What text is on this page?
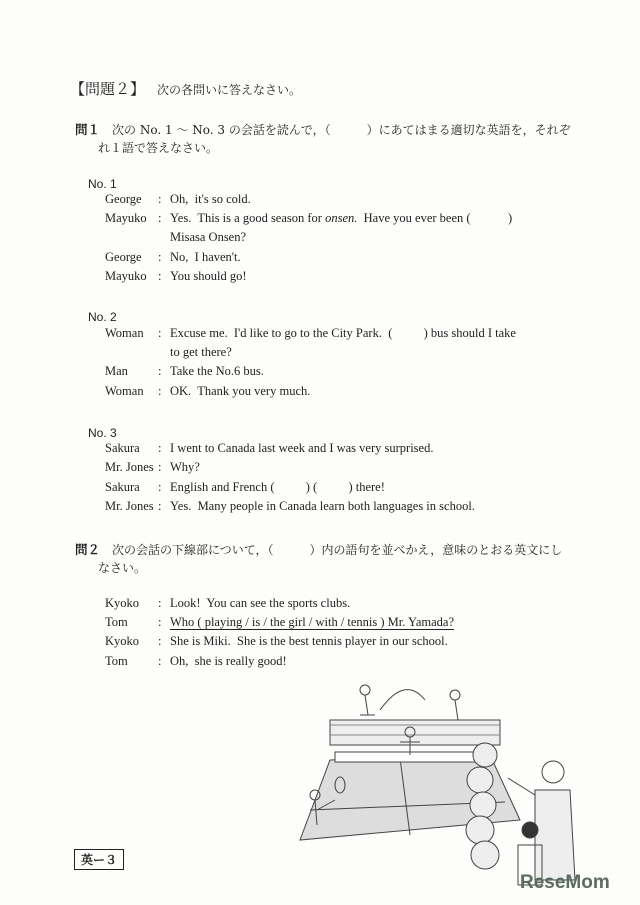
【問題２】 次の各問いに答えなさい。
問１ 次の No. 1 ～ No. 3 の会話を読んで，（　　　）にあてはまる適切な英語を，それぞ
れ１語で答えなさい。
No. 1
No. 2
No. 3
問２ 次の会話の下線部について，（　　　）内の語句を並べかえ，意味のとおる英文にし
なさい。
George : Oh,  it's so cold.
Mayuko : Yes.  This is a good season for onsen.  Have you ever been (            )
Misasa Onsen?
George : No,  I haven't.
Mayuko : You should go!
Woman : Excuse me.  I'd like to go to the City Park.  (          ) bus should I take
to get there?
Man : Take the No.6 bus.
Woman : OK.  Thank you very much.
Sakura : I went to Canada last week and I was very surprised.
Mr. Jones : Why?
Sakura : English and French (          ) (          ) there!
Mr. Jones : Yes.  Many people in Canada learn both languages in school.
Kyoko : Look!  You can see the sports clubs.
Tom : Who ( playing / is / the girl / with / tennis ) Mr. Yamada?
Kyoko : She is Miki.  She is the best tennis player in our school.
Tom : Oh,  she is really good!
英ー３
ReseMom
